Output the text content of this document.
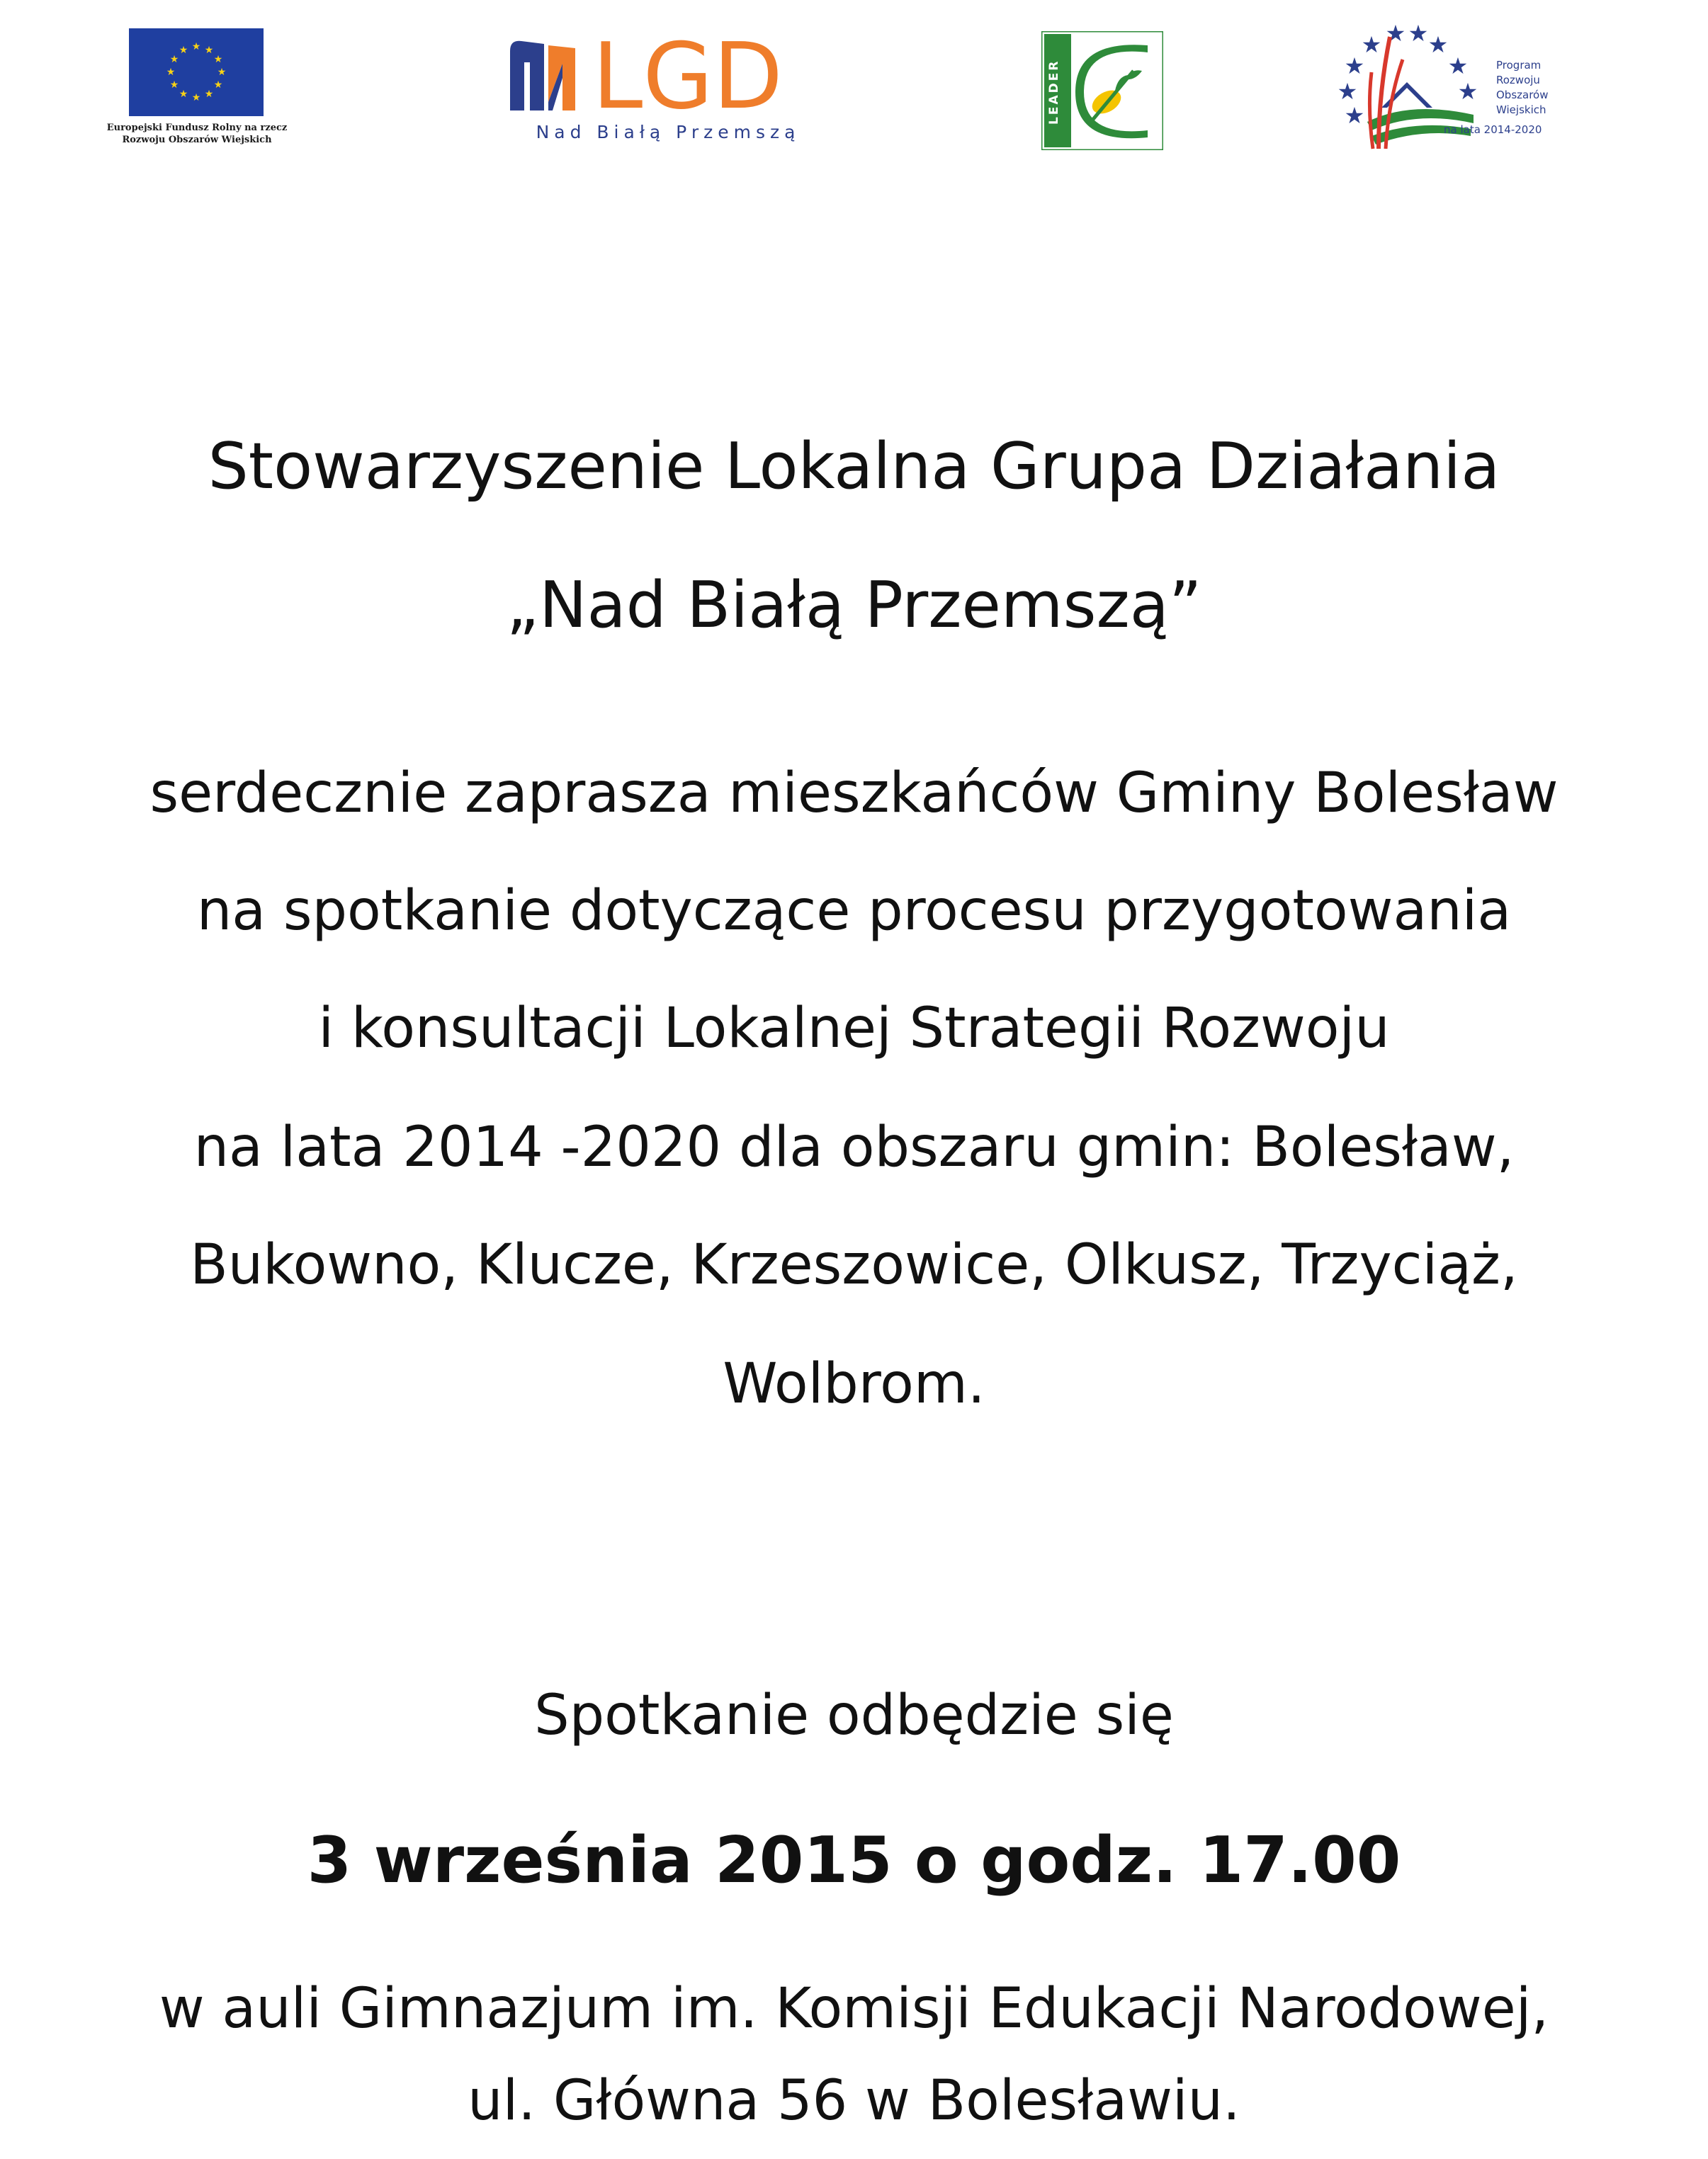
★ ★
★
★
★
★
★
★
★
★
★
★
Europejski Fundusz Rolny na rzecz
Rozwoju Obszarów Wiejskich
LGD
Nad Białą Przemszą
LEADER
★
★
★
★
★
★
★
★ ★
Program
Rozwoju
Obszarów
Wiejskich
na lata 2014-2020
Stowarzyszenie Lokalna Grupa Działania
„Nad Białą Przemszą”
serdecznie zaprasza mieszkańców Gminy Bolesław
na spotkanie dotyczące procesu przygotowania
i konsultacji Lokalnej Strategii Rozwoju
na lata 2014 -2020 dla obszaru gmin: Bolesław,
Bukowno, Klucze, Krzeszowice, Olkusz, Trzyciąż,
Wolbrom.
Spotkanie odbędzie się
3 września 2015 o godz. 17.00
w auli Gimnazjum im. Komisji Edukacji Narodowej,
ul. Główna 56 w Bolesławiu.
